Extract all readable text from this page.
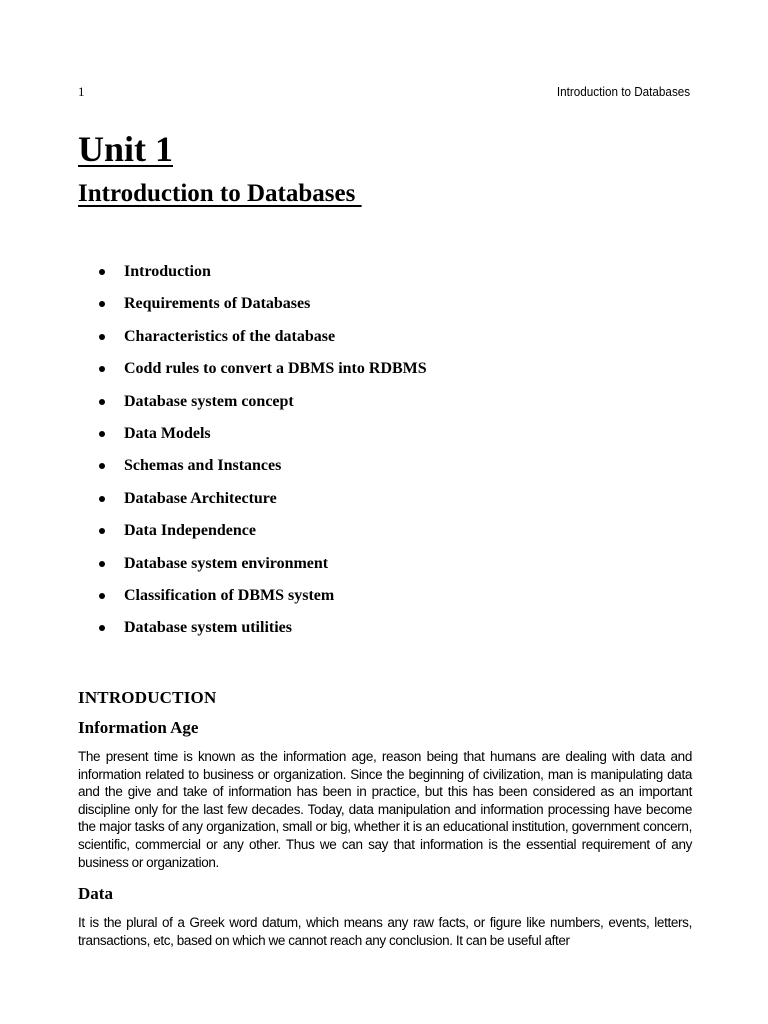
1	Introduction to Databases
Unit 1
Introduction to Databases
Introduction
Requirements of Databases
Characteristics of the database
Codd rules to convert a DBMS into RDBMS
Database system concept
Data Models
Schemas and Instances
Database Architecture
Data Independence
Database system environment
Classification of DBMS system
Database system utilities
INTRODUCTION
Information Age
The present time is known as the information age, reason being that humans are dealing with data and information related to business or organization. Since the beginning of civilization, man is manipulating data and the give and take of information has been in practice, but this has been considered as an important discipline only for the last few decades. Today, data manipulation and information processing have become the major tasks of any organization, small or big, whether it is an educational institution, government concern, scientific, commercial or any other. Thus we can say that information is the essential requirement of any business or organization.
Data
It is the plural of a Greek word datum, which means any raw facts, or figure like numbers, events, letters, transactions, etc, based on which we cannot reach any conclusion. It can be useful after
